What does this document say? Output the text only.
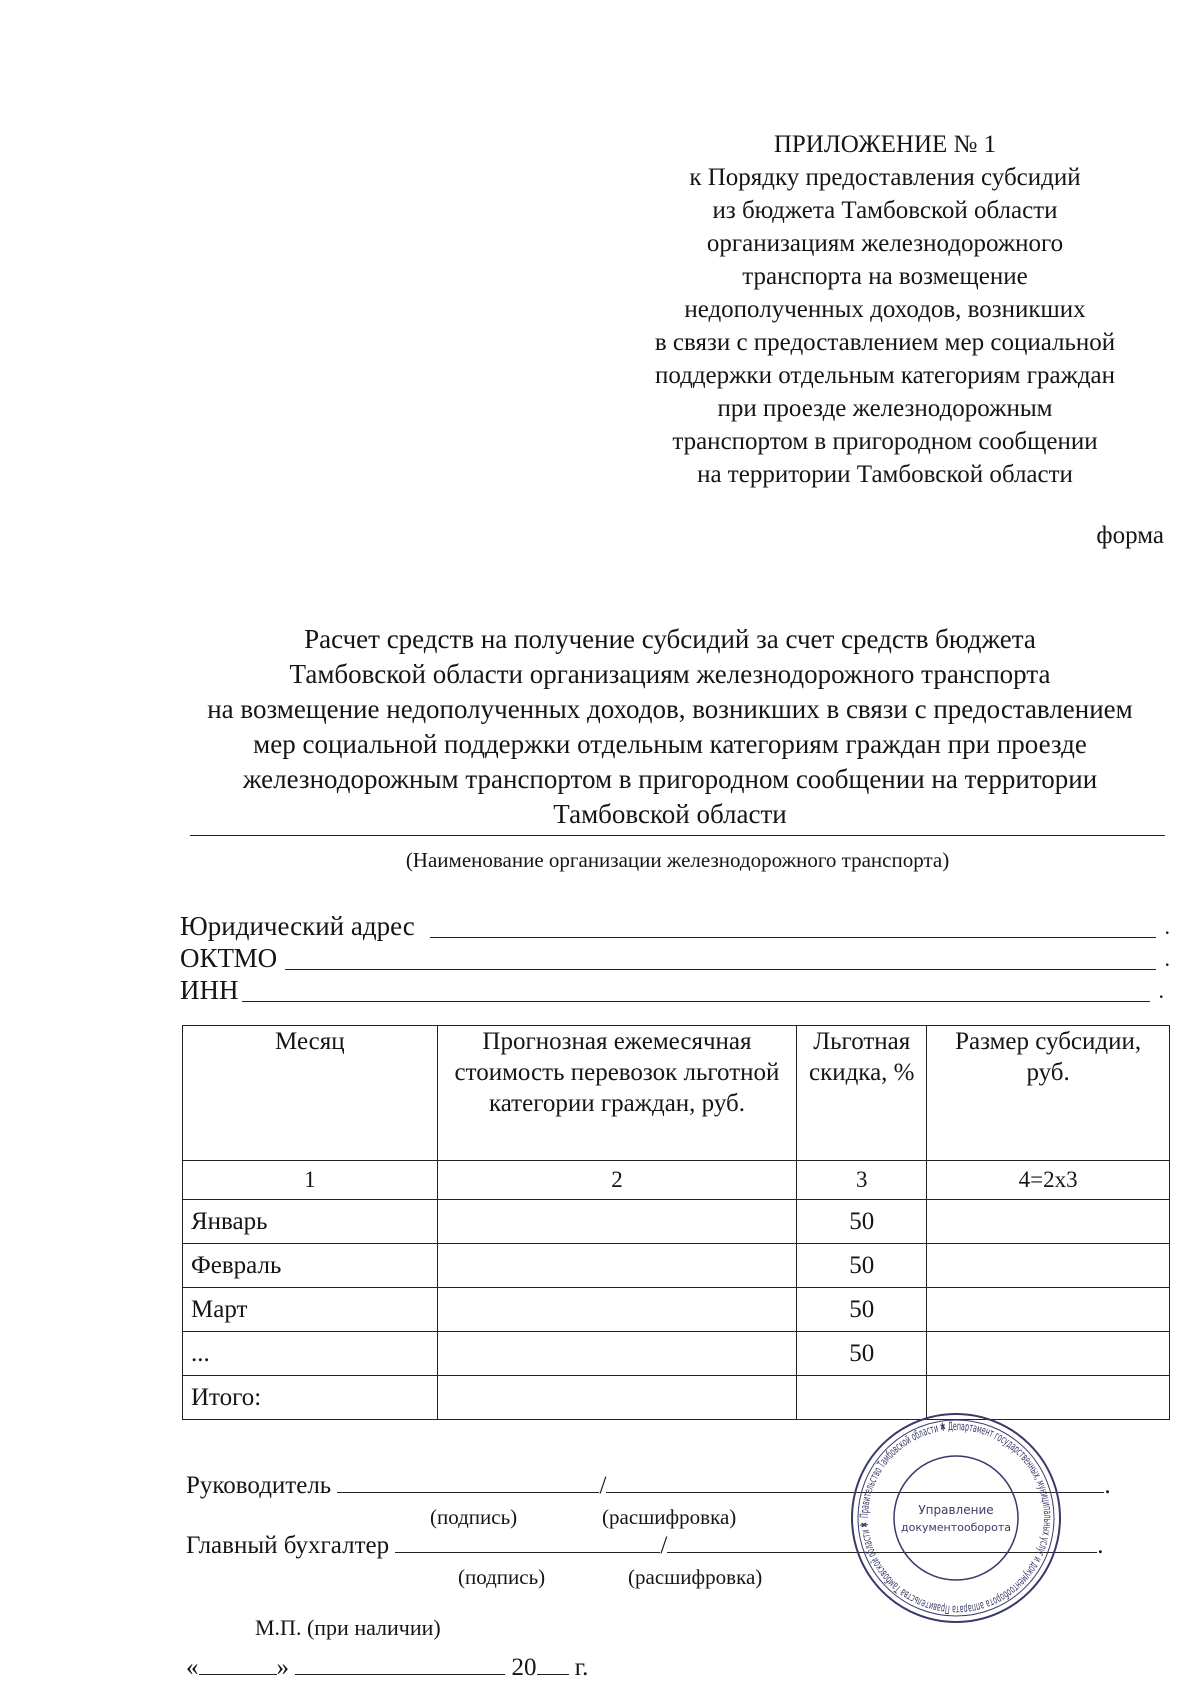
ПРИЛОЖЕНИЕ № 1
к Порядку предоставления субсидий
из бюджета Тамбовской области
организациям железнодорожного
транспорта на возмещение
недополученных доходов, возникших
в связи с предоставлением мер социальной
поддержки отдельным категориям граждан
при проезде железнодорожным
транспортом в пригородном сообщении
на территории Тамбовской области
форма
Расчет средств на получение субсидий за счет средств бюджета
Тамбовской области организациям железнодорожного транспорта
на возмещение недополученных доходов, возникших в связи с предоставлением
мер социальной поддержки отдельным категориям граждан при проезде
железнодорожным транспортом в пригородном сообщении на территории
Тамбовской области
(Наименование организации железнодорожного транспорта)
Юридический адрес	.
ОКТМО	.
ИНН	.
Месяц	Прогнозная ежемесячная стоимость перевозок льготной категории граждан, руб.	Льготная скидка, %	Размер субсидии, руб.
1	2	3	4=2х3
Январь		50	
Февраль		50	
Март		50	
...		50	
Итого:			
Руководитель	/	.
(подпись)	(расшифровка)
Главный бухгалтер	/	.
(подпись)	(расшифровка)
М.П. (при наличии)
«	»	20 г.
Правительство Тамбовской области ✱ Департамент государственных, муниципальных услуг и документооборота аппарата Правительства Тамбовской области ✱
Управление
документооборота
